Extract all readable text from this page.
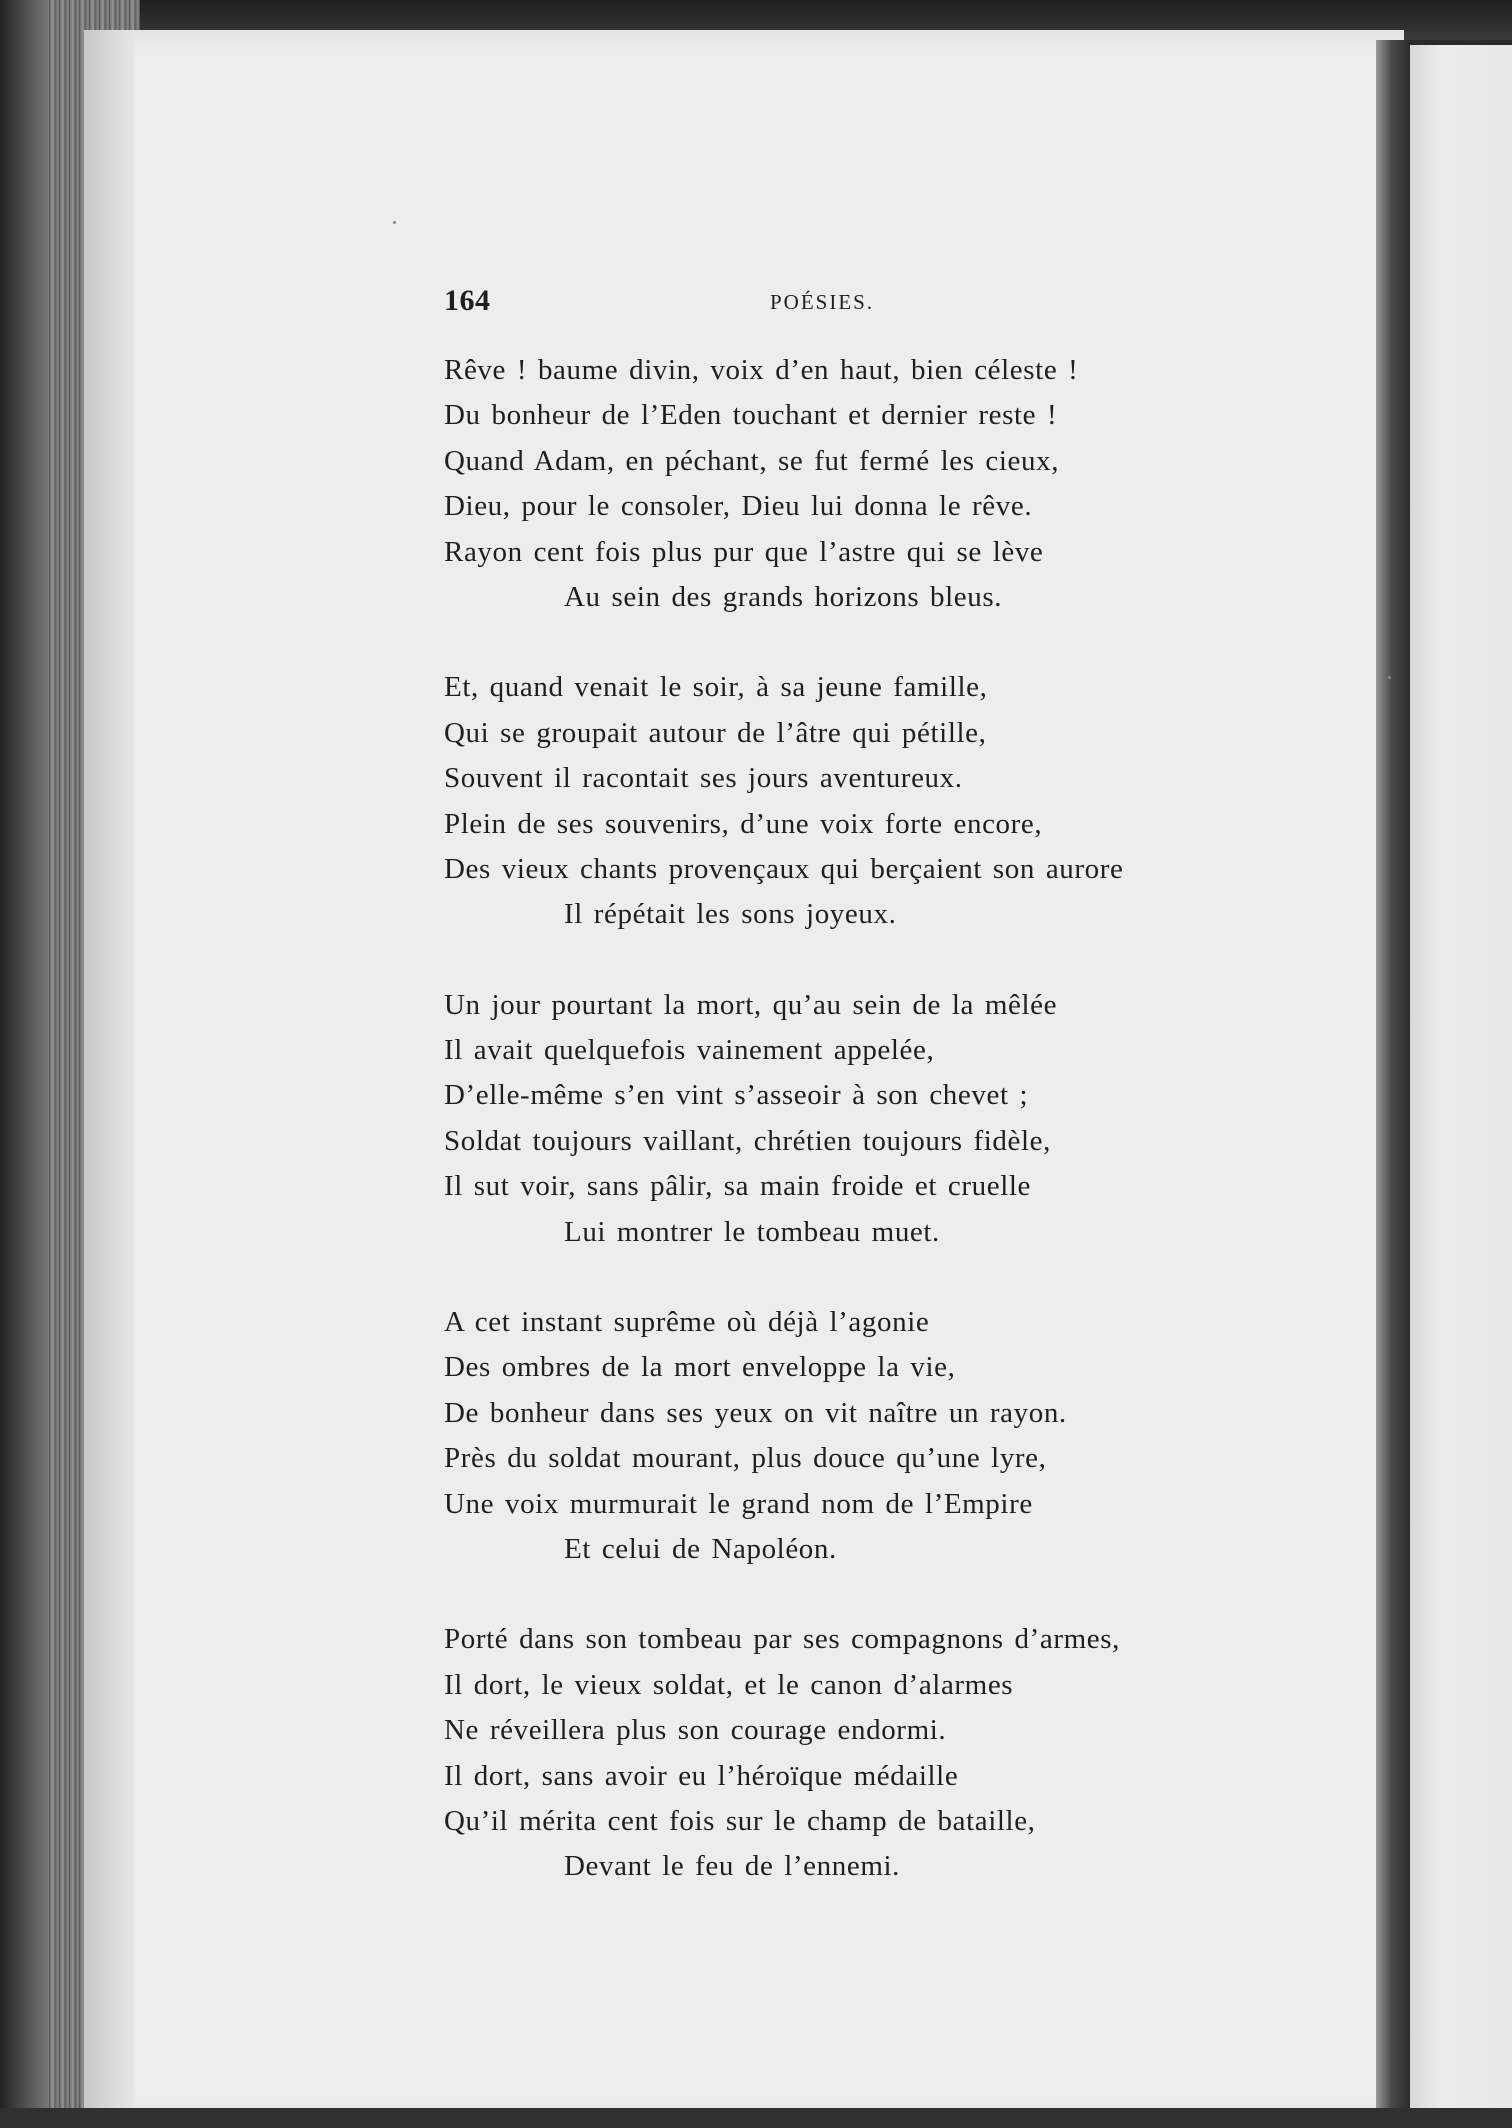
164	POÉSIES.
Rêve ! baume divin, voix d’en haut, bien céleste !
Du bonheur de l’Eden touchant et dernier reste !
Quand Adam, en péchant, se fut fermé les cieux,
Dieu, pour le consoler, Dieu lui donna le rêve.
Rayon cent fois plus pur que l’astre qui se lève
Au sein des grands horizons bleus.
Et, quand venait le soir, à sa jeune famille,
Qui se groupait autour de l’âtre qui pétille,
Souvent il racontait ses jours aventureux.
Plein de ses souvenirs, d’une voix forte encore,
Des vieux chants provençaux qui berçaient son aurore
Il répétait les sons joyeux.
Un jour pourtant la mort, qu’au sein de la mêlée
Il avait quelquefois vainement appelée,
D’elle-même s’en vint s’asseoir à son chevet ;
Soldat toujours vaillant, chrétien toujours fidèle,
Il sut voir, sans pâlir, sa main froide et cruelle
Lui montrer le tombeau muet.
A cet instant suprême où déjà l’agonie
Des ombres de la mort enveloppe la vie,
De bonheur dans ses yeux on vit naître un rayon.
Près du soldat mourant, plus douce qu’une lyre,
Une voix murmurait le grand nom de l’Empire
Et celui de Napoléon.
Porté dans son tombeau par ses compagnons d’armes,
Il dort, le vieux soldat, et le canon d’alarmes
Ne réveillera plus son courage endormi.
Il dort, sans avoir eu l’héroïque médaille
Qu’il mérita cent fois sur le champ de bataille,
Devant le feu de l’ennemi.
